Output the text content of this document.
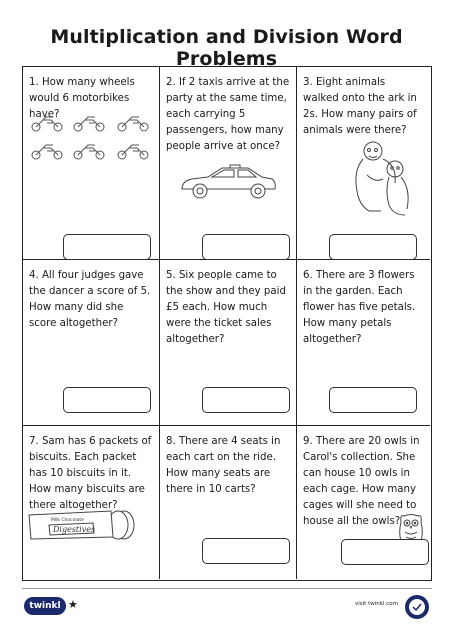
Multiplication and Division Word Problems
1. How many wheels would 6 motorbikes have?
2. If 2 taxis arrive at the party at the same time, each carrying 5 passengers, how many people arrive at once?
3. Eight animals walked onto the ark in 2s. How many pairs of animals were there?
4. All four judges gave the dancer a score of 5. How many did she score altogether?
5. Six people came to the show and they paid £5 each. How much were the ticket sales altogether?
6. There are 3 flowers in the garden. Each flower has five petals. How many petals altogether?
7. Sam has 6 packets of biscuits. Each packet has 10 biscuits in it. How many biscuits are there altogether?
Milk Chocolate
Digestives
8. There are 4 seats in each cart on the ride. How many seats are there in 10 carts?
9. There are 20 owls in Carol's collection. She can house 10 owls in each cage. How many cages will she need to house all the owls?
twinkl ★	visit twinkl.com
